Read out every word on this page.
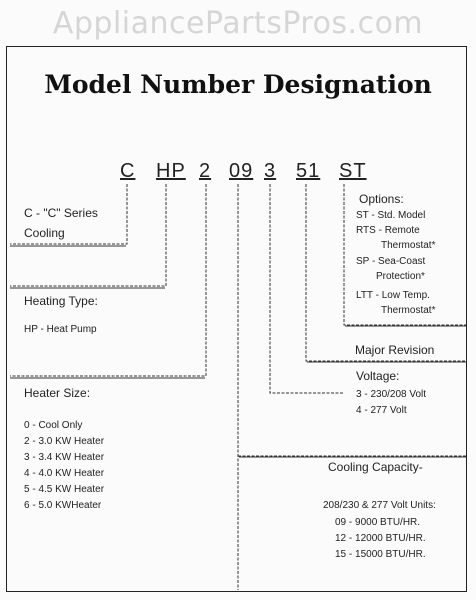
AppliancePartsPros.com
Model Number Designation
C HP 2 09 3 51 ST
C - "C" Series
Cooling
Heating Type:
HP - Heat Pump
Heater Size:
0 - Cool Only
2 - 3.0 KW Heater
3 - 3.4 KW Heater
4 - 4.0 KW Heater
5 - 4.5 KW Heater
6 - 5.0 KWHeater
Options:
ST - Std. Model
RTS - Remote
Thermostat*
SP - Sea-Coast
Protection*
LTT - Low Temp.
Thermostat*
Major Revision
Voltage:
3 - 230/208 Volt
4 - 277 Volt
Cooling Capacity-
208/230 & 277 Volt Units:
09 - 9000 BTU/HR.
12 - 12000 BTU/HR.
15 - 15000 BTU/HR.
